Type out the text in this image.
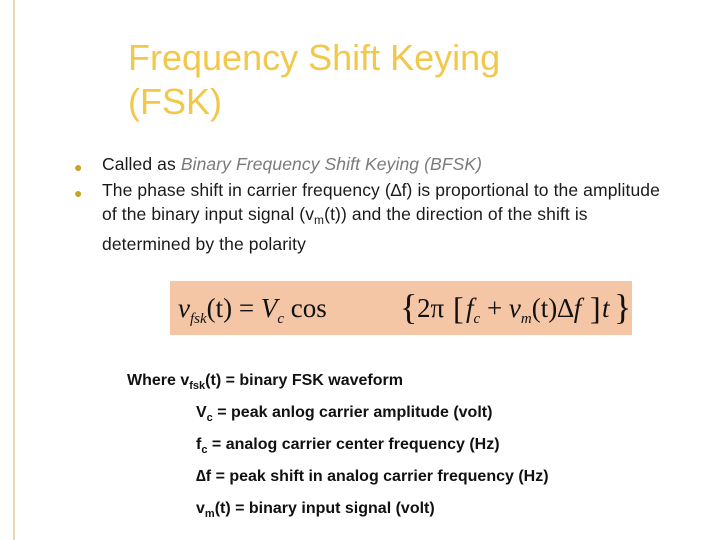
Frequency Shift Keying
(FSK)
● Called as Binary Frequency Shift Keying (BFSK)
● The phase shift in carrier frequency (∆f) is proportional to the amplitude of the binary input signal $(v_m(t))$ and the direction of the shift is determined by the polarity
$v_{fsk}(t) = V_c$ cos { 2π [ $f_c + v_m(t)\Delta f$ ] t }
Where $v_{fsk}(t)$ = binary FSK waveform
$V_c$ = peak anlog carrier amplitude (volt)
$f_c = analog$ carrier center frequency (Hz)
∆f = peak shift in analog carrier frequency (Hz)
$v_m(t)$ = binary input signal (volt)
